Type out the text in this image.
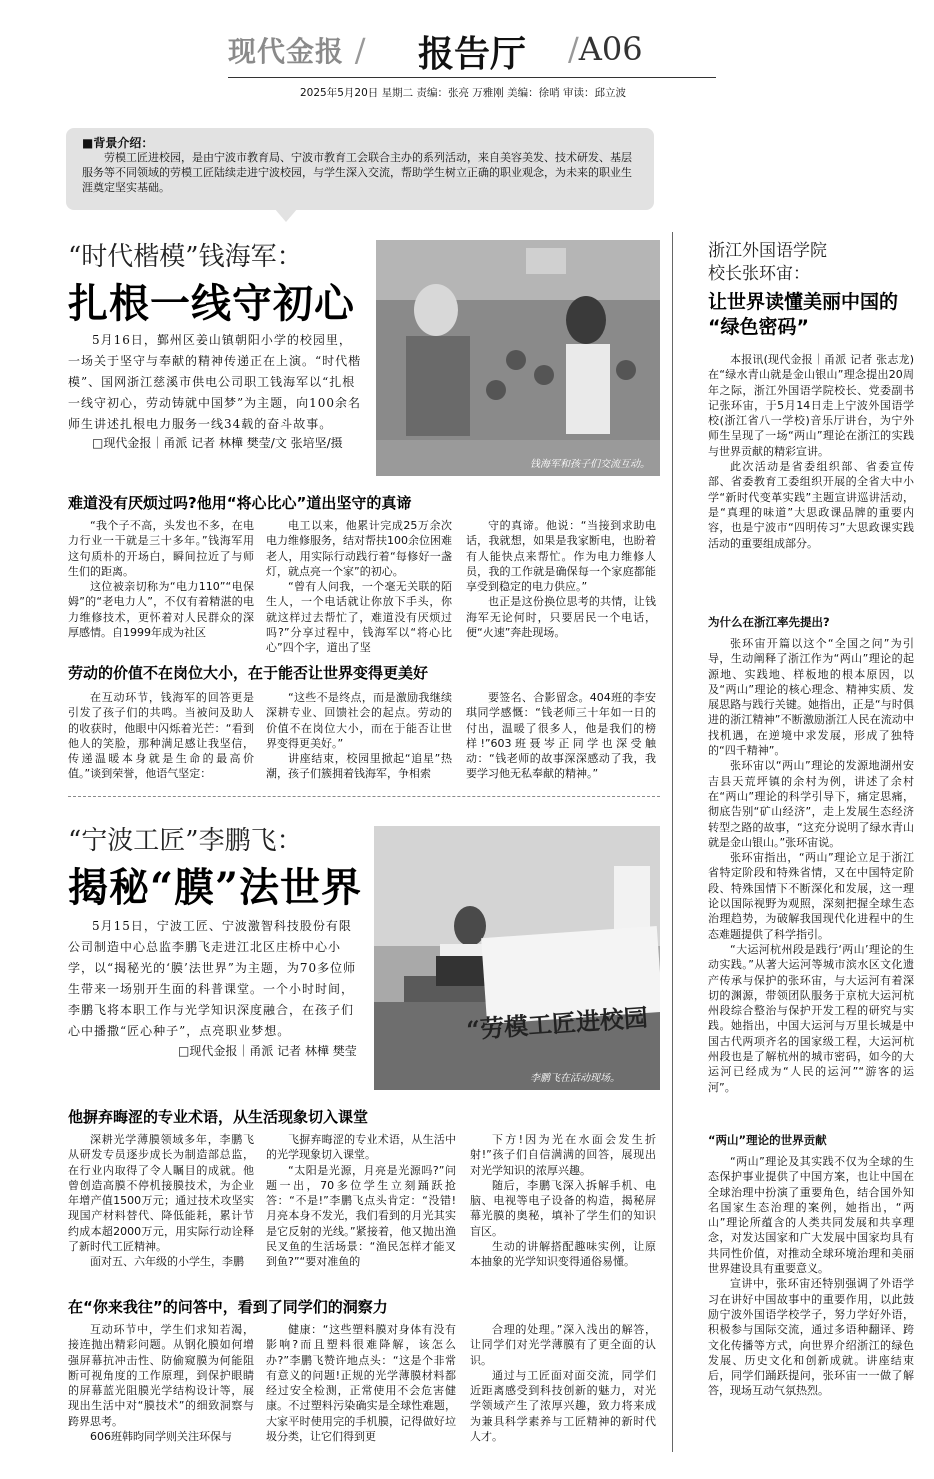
现代金报 / 报告厅 /A06
2025年5月20日 星期二 责编：张亮 万雅刚 美编：徐哨 审读：邱立波
■背景介绍：
劳模工匠进校园，是由宁波市教育局、宁波市教育工会联合主办的系列活动，来自美容美发、技术研发、基层服务等不同领域的劳模工匠陆续走进宁波校园，与学生深入交流，帮助学生树立正确的职业观念，为未来的职业生涯奠定坚实基础。
“时代楷模”钱海军：
扎根一线守初心
5月16日，鄞州区姜山镇朝阳小学的校园里，一场关于坚守与奉献的精神传递正在上演。“时代楷模”、国网浙江慈溪市供电公司职工钱海军以“扎根一线守初心，劳动铸就中国梦”为主题，向100余名师生讲述扎根电力服务一线34载的奋斗故事。
□现代金报｜甬派 记者 林樺 樊莹/文 张培坚/摄
钱海军和孩子们交流互动。
难道没有厌烦过吗?他用“将心比心”道出坚守的真谛

“我个子不高，头发也不多，在电力行业一干就是三十多年。”钱海军用这句质朴的开场白，瞬间拉近了与师生们的距离。

这位被亲切称为“电力110”“电保姆”的“老电力人”，不仅有着精湛的电力维修技术，更怀着对人民群众的深厚感情。自1999年成为社区

电工以来，他累计完成25万余次电力维修服务，结对帮扶100余位困难老人，用实际行动践行着“每修好一盏灯，就点亮一个家”的初心。

“曾有人问我，一个毫无关联的陌生人，一个电话就让你放下手头，你就这样过去帮忙了，难道没有厌烦过吗?”分享过程中，钱海军以“将心比心”四个字，道出了坚

守的真谛。他说：“当接到求助电话，我就想，如果是我家断电，也盼着有人能快点来帮忙。作为电力维修人员，我的工作就是确保每一个家庭都能享受到稳定的电力供应。”

也正是这份换位思考的共情，让钱海军无论何时，只要居民一个电话，便“火速”奔赴现场。

劳动的价值不在岗位大小，在于能否让世界变得更美好

在互动环节，钱海军的回答更是引发了孩子们的共鸣。当被问及助人的收获时，他眼中闪烁着光芒：“看到他人的笑脸，那种满足感让我坚信，传递温暖本身就是生命的最高价值。”谈到荣誉，他语气坚定：

“这些不是终点，而是激励我继续深耕专业、回馈社会的起点。劳动的价值不在岗位大小，而在于能否让世界变得更美好。”

讲座结束，校园里掀起“追星”热潮，孩子们簇拥着钱海军，争相索

要签名、合影留念。404班的李安琪同学感慨：“钱老师三十年如一日的付出，温暖了很多人，他是我们的榜样!”603班聂岑正同学也深受触动：“钱老师的故事深深感动了我，我要学习他无私奉献的精神。”

“宁波工匠”李鹏飞：
揭秘“膜”法世界
5月15日，宁波工匠、宁波激智科技股份有限公司制造中心总监李鹏飞走进江北区庄桥中心小学，以“揭秘光的‘膜’法世界”为主题，为70多位师生带来一场别开生面的科普课堂。一个小时时间，李鹏飞将本职工作与光学知识深度融合，在孩子们心中播撒“匠心种子”，点亮职业梦想。
□现代金报｜甬派 记者 林樺 樊莹
“劳模工匠进校园
李鹏飞在活动现场。
他摒弃晦涩的专业术语，从生活现象切入课堂

深耕光学薄膜领域多年，李鹏飞从研发专员逐步成长为制造部总监，在行业内取得了令人瞩目的成就。他曾创造高膜不停机接膜技术，为企业年增产值1500万元；通过技术攻坚实现国产材料替代、降低能耗，累计节约成本超2000万元，用实际行动诠释了新时代工匠精神。

面对五、六年级的小学生，李鹏

飞摒弃晦涩的专业术语，从生活中的光学现象切入课堂。

“太阳是光源，月亮是光源吗?”问题一出，70多位学生立刻踊跃抢答：“不是!”李鹏飞点头肯定：“没错!月亮本身不发光，我们看到的月光其实是它反射的光线。”紧接着，他又抛出渔民叉鱼的生活场景：“渔民怎样才能叉到鱼?”“要对准鱼的

下方!因为光在水面会发生折射!”孩子们自信满满的回答，展现出对光学知识的浓厚兴趣。

随后，李鹏飞深入拆解手机、电脑、电视等电子设备的构造，揭秘屏幕光膜的奥秘，填补了学生们的知识盲区。

生动的讲解搭配趣味实例，让原本抽象的光学知识变得通俗易懂。

在“你来我往”的问答中，看到了同学们的洞察力

互动环节中，学生们求知若渴，接连抛出精彩问题。从钢化膜如何增强屏幕抗冲击性、防偷窥膜为何能阻断可视角度的工作原理，到保护眼睛的屏幕蓝光阻膜光学结构设计等，展现出生活中对“膜技术”的细致洞察与跨界思考。

606班韩昀同学则关注环保与

健康：“这些塑料膜对身体有没有影响?而且塑料很难降解，该怎么办?”李鹏飞赞许地点头：“这是个非常有意义的问题!正规的光学薄膜材料都经过安全检测，正常使用不会危害健康。不过塑料污染确实是全球性难题，大家平时使用完的手机膜，记得做好垃圾分类，让它们得到更

合理的处理。”深入浅出的解答，让同学们对光学薄膜有了更全面的认识。

通过与工匠面对面交流，同学们近距离感受到科技创新的魅力，对光学领域产生了浓厚兴趣，致力将来成为兼具科学素养与工匠精神的新时代人才。

浙江外国语学院
校长张环宙：
让世界读懂美丽中国的
“绿色密码”

本报讯(现代金报｜甬派 记者 张志龙)在“绿水青山就是金山银山”理念提出20周年之际，浙江外国语学院校长、党委副书记张环宙，于5月14日走上宁波外国语学校(浙江省八一学校)音乐厅讲台，为宁外师生呈现了一场“两山”理论在浙江的实践与世界贡献的精彩宣讲。

此次活动是省委组织部、省委宣传部、省委教育工委组织开展的全省大中小学“新时代变革实践”主题宣讲巡讲活动，是“真理的味道”大思政课品牌的重要内容，也是宁波市“四明传习”大思政课实践活动的重要组成部分。

为什么在浙江率先提出?

张环宙开篇以这个“全国之问”为引导，生动阐释了浙江作为“两山”理论的起源地、实践地、样板地的根本原因，以及“两山”理论的核心理念、精神实质、发展思路与践行关键。她指出，正是“与时俱进的浙江精神”不断激励浙江人民在流动中找机遇，在逆境中求发展，形成了独特的“四千精神”。

张环宙以“两山”理论的发源地湖州安吉县天荒坪镇的余村为例，讲述了余村在“两山”理论的科学引导下，痛定思痛，彻底告别“矿山经济”，走上发展生态经济转型之路的故事，“这充分说明了绿水青山就是金山银山。”张环宙说。

张环宙指出，“两山”理论立足于浙江省特定阶段和特殊省情，又在中国特定阶段、特殊国情下不断深化和发展，这一理论以国际视野为观照，深刻把握全球生态治理趋势，为破解我国现代化进程中的生态难题提供了科学指引。

“大运河杭州段是践行‘两山’理论的生动实践。”从著大运河等城市滨水区文化遗产传承与保护的张环宙，与大运河有着深切的渊源，带领团队服务于京杭大运河杭州段综合整治与保护开发工程的研究与实践。她指出，中国大运河与万里长城是中国古代两项齐名的国家级工程，大运河杭州段也是了解杭州的城市密码，如今的大运河已经成为“人民的运河”“游客的运河”。

“两山”理论的世界贡献

“两山”理论及其实践不仅为全球的生态保护事业提供了中国方案，也让中国在全球治理中扮演了重要角色，结合国外知名国家生态治理的案例，她指出，“两山”理论所蕴含的人类共同发展和共享理念，对发达国家和广大发展中国家均具有共同性价值，对推动全球环境治理和美丽世界建设具有重要意义。

宣讲中，张环宙还特别强调了外语学习在讲好中国故事中的重要作用，以此鼓励宁波外国语学校学子，努力学好外语，积极参与国际交流，通过多语种翻译、跨文化传播等方式，向世界介绍浙江的绿色发展、历史文化和创新成就。讲座结束后，同学们踊跃提问，张环宙一一做了解答，现场互动气氛热烈。
